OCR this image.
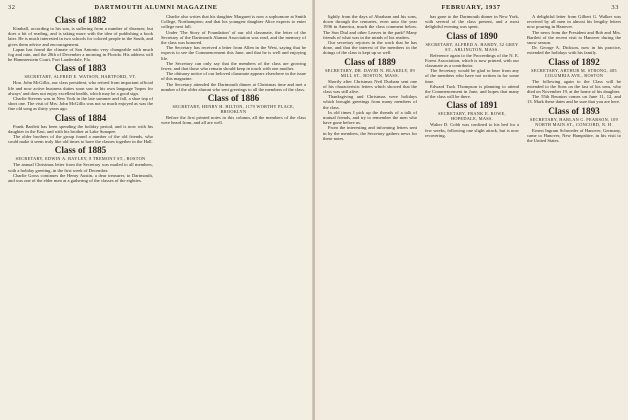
32	DARTMOUTH ALUMNI MAGAZINE
Class of 1882

Kimball, according to his son, is suffering from a number of diseases; but does a bit of reading, and is taking more with the idea of publishing a book later. He is much interested in two schools for colored people in the South, and gives them advice and encouragement.

Lapan has found the climate of San Antonio very changeable with much fog and rain, and the 28th of December a morning in Florida. His address will be Hammerstein Court, Fort Lauderdale, Fla.

Class of 1883
SECRETARY, ALFRED E. WATSON, HARTFORD, VT.

Hon. John McGillis, our class president, who retired from important official life and now active business duties soon saw in his own language 'hopes for always' and does not enjoy excellent health, which may be a good sign.

Charlie Stevens was in New York in the late summer and fall, a shoe trip of short one. The visit of Mrs. John McGillis was not so much enjoyed as was the fine old song as thirty years ago.

Class of 1884

Frank Bartlett has been spending the holiday period, and is now with his daughter in the East, and with his brother at Lake Sunapee.

The older brothers of the group found a number of the old friends, who could make it seem truly like old times to have the classes together in the Hall.

Class of 1885
SECRETARY, EDWIN A. BAYLEY, 8 TREMONT ST., BOSTON

The annual Christmas letter from the Secretary was mailed to all members, with a holiday greeting, in the first week of December.

Charlie Gross continues the Henry Austin, a dear treasurer, to Dartmouth, and was one of the elder men at a gathering of the classes of the eighties.

Charlie also writes that his daughter Margaret is now a sophomore at Smith College, Northampton; and that his youngest daughter Alice expects to enter college next fall.

Under 'The Story of Foundation' of our old classmate, the letter of the Secretary of the Dartmouth Alumni Association was read, and the memory of the class was honored.

The Secretary has received a letter from Allen in the West, saying that he expects to see the Commencement this June, and that he is well and enjoying life.

The Secretary can only say that the members of the class are growing fewer, and that those who remain should keep in touch with one another.

The obituary notice of our beloved classmate appears elsewhere in the issue of this magazine.

The Secretary attended the Dartmouth dinner at Christmas time and met a number of the older alumni who sent greetings to all the members of the class.

Class of 1886
SECRETARY, HENRY H. HILTON, 1179 WORTHY PLACE, BROOKLYN

Before the first printed notes in this column, all the members of the class were heard from, and all are well.

FEBRUARY, 1937	33

lightly from the days of Abraham and his sons, down through the centuries, even unto the year 1936 in America, much the class comment below. The Sun Dial and other Leaves in the park? Many friends of what was in the minds of his readers.

Our secretary rejoices in the work that he has done, and that the interest of the members in the doings of the class is kept up so well.

Class of 1889
SECRETARY, DR. DAVID N. BLAKELY, 89 MILL ST., BOSTON, MASS.

Shortly after Christmas Neil Durham sent one of his characteristic letters which showed that the class was still alive.

Thanksgiving and Christmas were holidays which brought greetings from many members of the class.

In old times I pick up the threads of a talk of mutual friends, and try to remember the men who have gone before us.

From the interesting and informing letters sent in by the members, the Secretary gathers news for these notes.

has gone to the Dartmouth dinner in New York, with several of the class present, and a most delightful evening was spent.

Class of 1890
SECRETARY, ALFRED A. HARDY, 32 GREY ST., ARLINGTON, MASS.

Reference again to the Proceedings of the N. E. Forest Association, which is now printed, with our classmate as a contributor.

The Secretary would be glad to hear from any of the members who have not written in for some time.

Edward Tuck Thompson is planning to attend the Commencement in June, and hopes that many of the class will be there.

Class of 1891
SECRETARY, FRANK E. ROWE, HOPEDALE, MASS.

Walter D. Cobb was confined to his bed for a few weeks, following one slight attack, but is now recovering.

A delightful letter from Gilbert G. Walker was received by all men in almost his lengthy letters now pouring in Hanover.

The news from the President and Bob and Mrs. Bartlett of the recent visit to Hanover during the snow season.

Dr. George A. Dickson, now in his practice, extended the holidays with his family.

Class of 1892
SECRETARY, ARTHUR M. STRONG, 485 COLUMBIA AVE., BOSTON

The following again to the Class will be extended to the Sons on the last of his sons, who died on November 19, at the home of his daughter.

The 55th Reunion comes on June 11, 12, and 13. Mark these dates and be sure that you are here.

Class of 1893
SECRETARY, HARLAN C. PEARSON, 109 NORTH MAIN ST., CONCORD, N. H.

Ernest Ingram Schroeder of Hanover, Germany, came to Hanover, New Hampshire, in his visit to the United States.
